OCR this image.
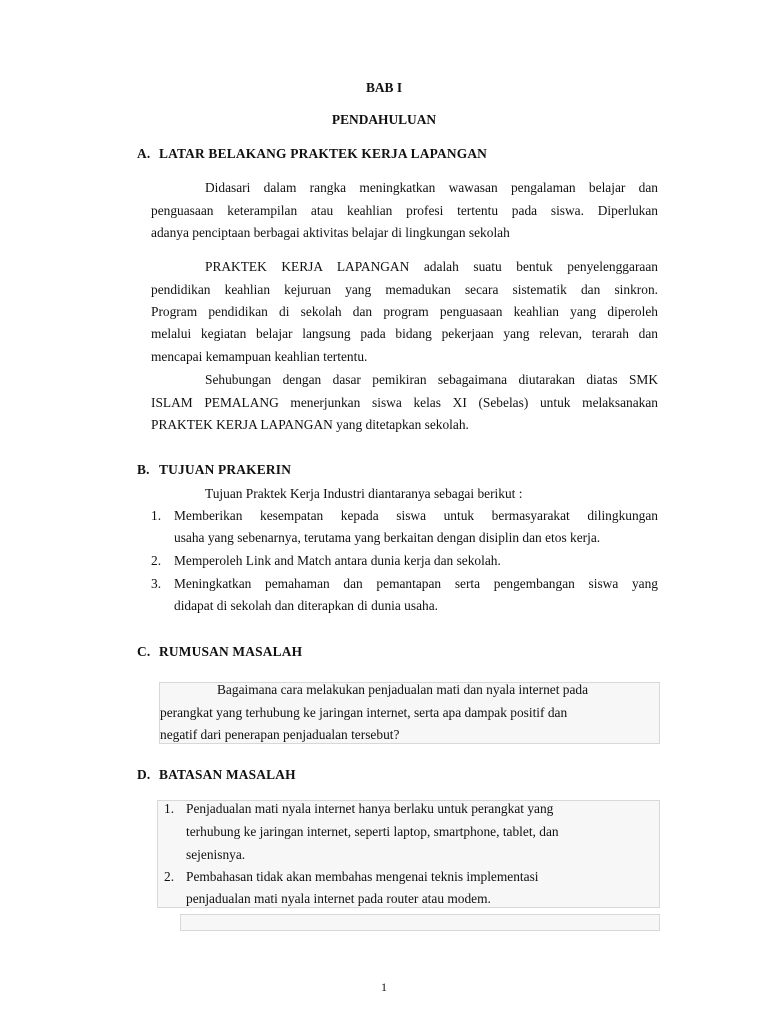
BAB I
PENDAHULUAN
A. LATAR BELAKANG PRAKTEK KERJA LAPANGAN
Didasari dalam rangka meningkatkan wawasan pengalaman belajar dan
penguasaan keterampilan atau keahlian profesi tertentu pada siswa. Diperlukan
adanya penciptaan berbagai aktivitas belajar di lingkungan sekolah
PRAKTEK KERJA LAPANGAN adalah suatu bentuk penyelenggaraan
pendidikan keahlian kejuruan yang memadukan secara sistematik dan sinkron.
Program pendidikan di sekolah dan program penguasaan keahlian yang diperoleh
melalui kegiatan belajar langsung pada bidang pekerjaan yang relevan, terarah dan
mencapai kemampuan keahlian tertentu.
Sehubungan dengan dasar pemikiran sebagaimana diutarakan diatas SMK
ISLAM PEMALANG menerjunkan siswa kelas XI (Sebelas) untuk melaksanakan
PRAKTEK KERJA LAPANGAN yang ditetapkan sekolah.
B. TUJUAN PRAKERIN
Tujuan Praktek Kerja Industri diantaranya sebagai berikut :
1. Memberikan kesempatan kepada siswa untuk bermasyarakat dilingkungan
usaha yang sebenarnya, terutama yang berkaitan dengan disiplin dan etos kerja.
2. Memperoleh Link and Match antara dunia kerja dan sekolah.
3. Meningkatkan pemahaman dan pemantapan serta pengembangan siswa yang
didapat di sekolah dan diterapkan di dunia usaha.
C. RUMUSAN MASALAH
Bagaimana cara melakukan penjadualan mati dan nyala internet pada
perangkat yang terhubung ke jaringan internet, serta apa dampak positif dan
negatif dari penerapan penjadualan tersebut?
D. BATASAN MASALAH
1. Penjadualan mati nyala internet hanya berlaku untuk perangkat yang
terhubung ke jaringan internet, seperti laptop, smartphone, tablet, dan
sejenisnya.
2. Pembahasan tidak akan membahas mengenai teknis implementasi
penjadualan mati nyala internet pada router atau modem.
1
